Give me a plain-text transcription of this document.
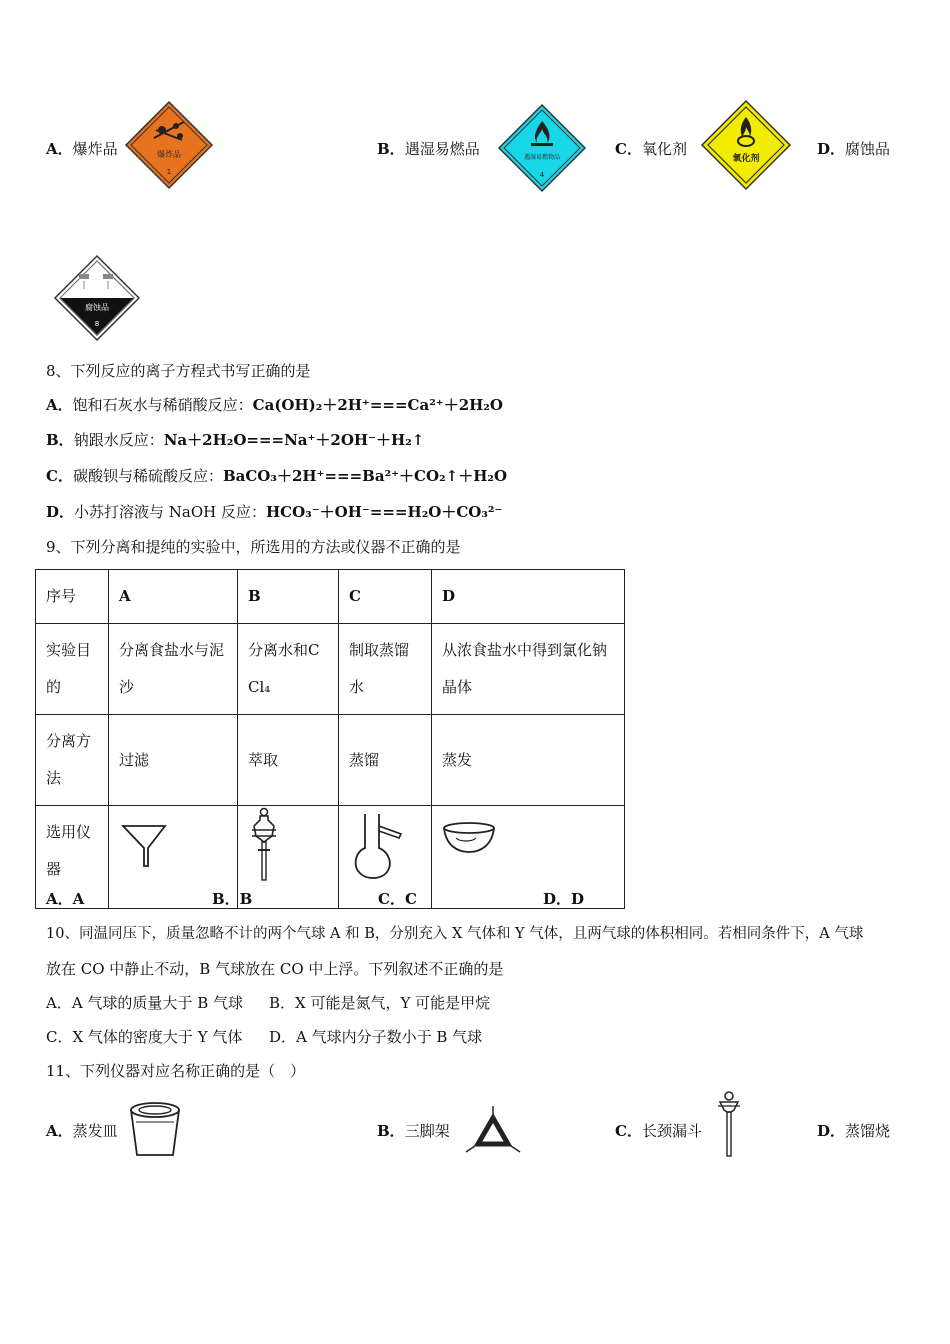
A．爆炸品	爆炸品
1
B．遇湿易燃品	遇湿易燃物品
4
C．氧化剂
氧化剂
D．腐蚀品
腐蚀品
8
8、下列反应的离子方程式书写正确的是
A．饱和石灰水与稀硝酸反应：Ca(OH)₂＋2H⁺===Ca²⁺＋2H₂O
B．钠跟水反应：Na＋2H₂O===Na⁺＋2OH⁻＋H₂↑
C．碳酸钡与稀硫酸反应：BaCO₃＋2H⁺===Ba²⁺＋CO₂↑＋H₂O
D．小苏打溶液与 NaOH 反应：HCO₃⁻＋OH⁻===H₂O＋CO₃²⁻
9、下列分离和提纯的实验中，所选用的方法或仪器不正确的是
序号	A	B	C	D
实验目的	分离食盐水与泥沙	分离水和CCl₄	制取蒸馏水	从浓食盐水中得到氯化钠晶体
分离方法	过滤	萃取	蒸馏	蒸发
选用仪器				
A．A	B．B	C．C	D．D
10、同温同压下，质量忽略不计的两个气球 A 和 B，分别充入 X 气体和 Y 气体，且两气球的体积相同。若相同条件下，A 气球
放在 CO 中静止不动，B 气球放在 CO 中上浮。下列叙述不正确的是
A．A 气球的质量大于 B 气球 B．X 可能是氮气，Y 可能是甲烷
C．X 气体的密度大于 Y 气体 D．A 气球内分子数小于 B 气球
11、下列仪器对应名称正确的是（　）
A．蒸发皿	B．三脚架	C．长颈漏斗	D．蒸馏烧
